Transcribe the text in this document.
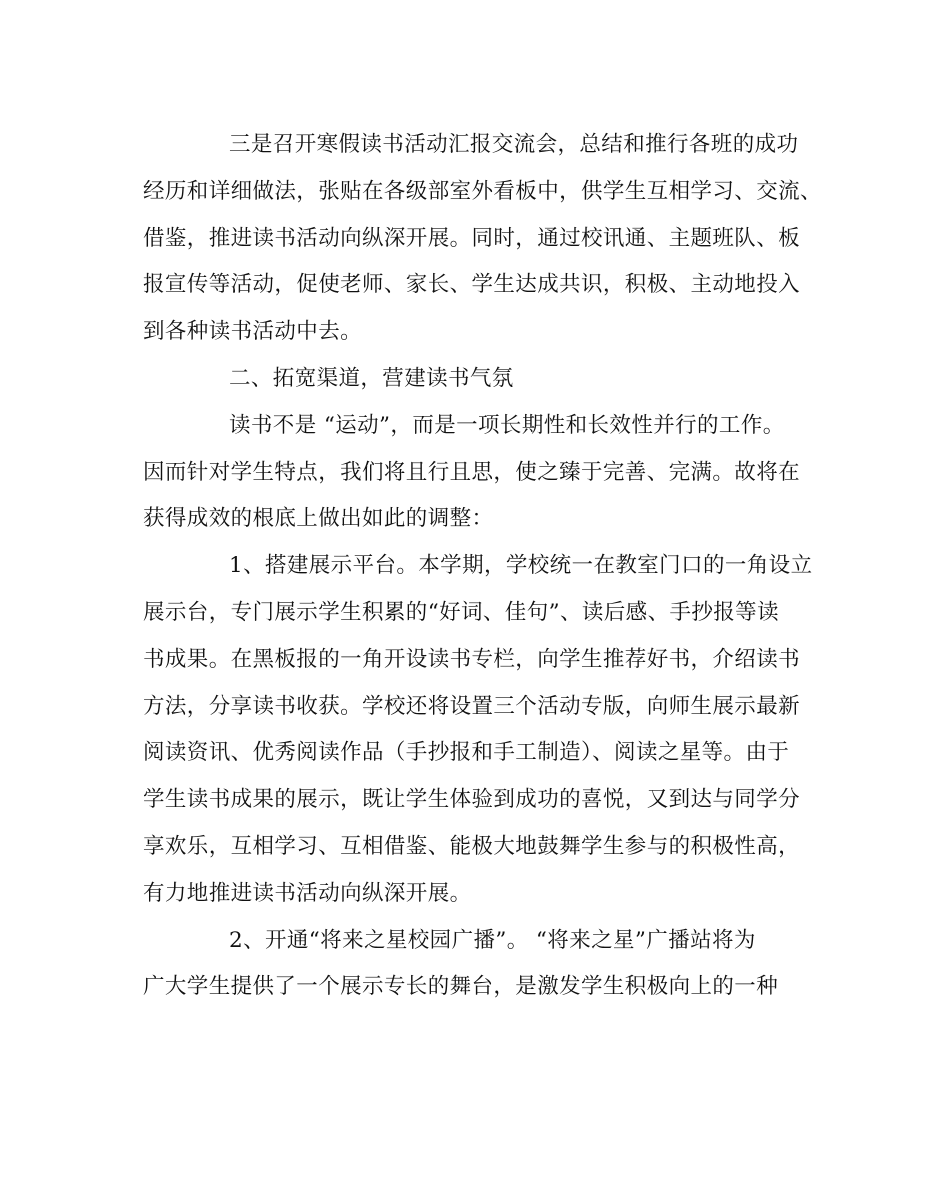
三是召开寒假读书活动汇报交流会，总结和推行各班的成功
经历和详细做法，张贴在各级部室外看板中，供学生互相学习、交流、
借鉴，推进读书活动向纵深开展。同时，通过校讯通、主题班队、板
报宣传等活动，促使老师、家长、学生达成共识，积极、主动地投入
到各种读书活动中去。
二、拓宽渠道，营建读书气氛
读书不是 “运动”，而是一项长期性和长效性并行的工作。
因而针对学生特点，我们将且行且思，使之臻于完善、完满。故将在
获得成效的根底上做出如此的调整：
1、搭建展示平台。本学期，学校统一在教室门口的一角设立
展示台，专门展示学生积累的“好词、佳句”、读后感、手抄报等读
书成果。在黑板报的一角开设读书专栏，向学生推荐好书，介绍读书
方法，分享读书收获。学校还将设置三个活动专版，向师生展示最新
阅读资讯、优秀阅读作品（手抄报和手工制造）、阅读之星等。由于
学生读书成果的展示，既让学生体验到成功的喜悦，又到达与同学分
享欢乐，互相学习、互相借鉴、能极大地鼓舞学生参与的积极性高，
有力地推进读书活动向纵深开展。
2、开通“将来之星校园广播”。 “将来之星”广播站将为
广大学生提供了一个展示专长的舞台，是激发学生积极向上的一种
